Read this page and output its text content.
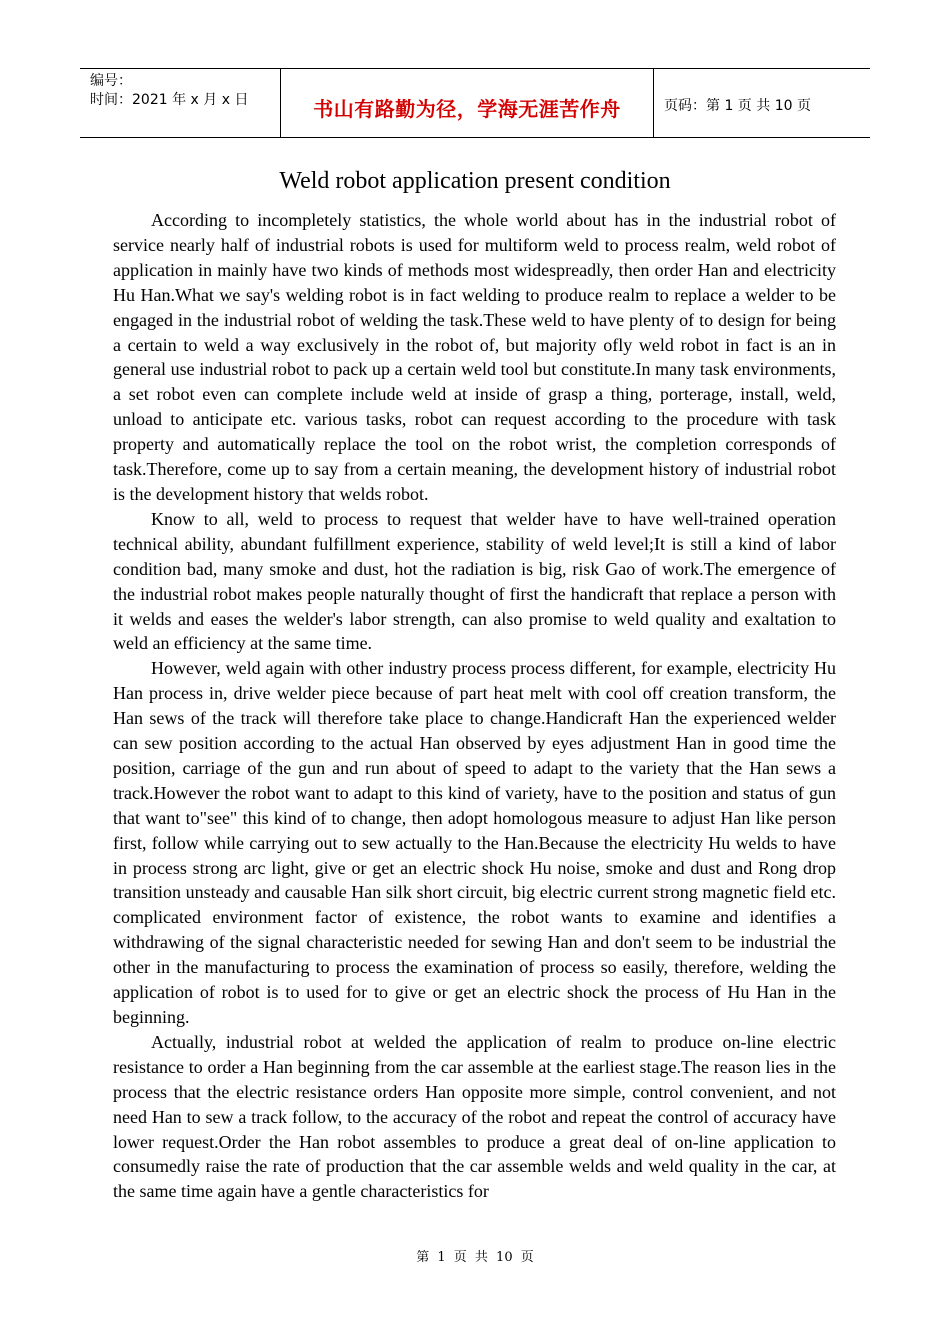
编号：
时间：2021 年 x 月 x 日	书山有路勤为径，学海无涯苦作舟	页码：第 1 页 共 10 页
Weld robot application present condition

According to incompletely statistics, the whole world about has in the industrial robot of service nearly half of industrial robots is used for multiform weld to process realm, weld robot of application in mainly have two kinds of methods most widespreadly, then order Han and electricity Hu Han.What we say's welding robot is in fact welding to produce realm to replace a welder to be engaged in the industrial robot of welding the task.These weld to have plenty of to design for being a certain to weld a way exclusively in the robot of, but majority ofly weld robot in fact is an in general use industrial robot to pack up a certain weld tool but constitute.In many task environments, a set robot even can complete include weld at inside of grasp a thing, porterage, install, weld, unload to anticipate etc. various tasks, robot can request according to the procedure with task property and automatically replace the tool on the robot wrist, the completion corresponds of task.Therefore, come up to say from a certain meaning, the development history of industrial robot is the development history that welds robot.

Know to all, weld to process to request that welder have to have well-trained operation technical ability, abundant fulfillment experience, stability of weld level;It is still a kind of labor condition bad, many smoke and dust, hot the radiation is big, risk Gao of work.The emergence of the industrial robot makes people naturally thought of first the handicraft that replace a person with it welds and eases the welder's labor strength, can also promise to weld quality and exaltation to weld an efficiency at the same time.

However, weld again with other industry process process different, for example, electricity Hu Han process in, drive welder piece because of part heat melt with cool off creation transform, the Han sews of the track will therefore take place to change.Handicraft Han the experienced welder can sew position according to the actual Han observed by eyes adjustment Han in good time the position, carriage of the gun and run about of speed to adapt to the variety that the Han sews a track.However the robot want to adapt to this kind of variety, have to the position and status of gun that want to"see" this kind of to change, then adopt homologous measure to adjust Han like person first, follow while carrying out to sew actually to the Han.Because the electricity Hu welds to have in process strong arc light, give or get an electric shock Hu noise, smoke and dust and Rong drop transition unsteady and causable Han silk short circuit, big electric current strong magnetic field etc. complicated environment factor of existence, the robot wants to examine and identifies a withdrawing of the signal characteristic needed for sewing Han and don't seem to be industrial the other in the manufacturing to process the examination of process so easily, therefore, welding the application of robot is to used for to give or get an electric shock the process of Hu Han in the beginning.

Actually, industrial robot at welded the application of realm to produce on-line electric resistance to order a Han beginning from the car assemble at the earliest stage.The reason lies in the process that the electric resistance orders Han opposite more simple, control convenient, and not need Han to sew a track follow, to the accuracy of the robot and repeat the control of accuracy have lower request.Order the Han robot assembles to produce a great deal of on-line application to consumedly raise the rate of production that the car assemble welds and weld quality in the car, at the same time again have a gentle characteristics for

第 1 页 共 10 页
